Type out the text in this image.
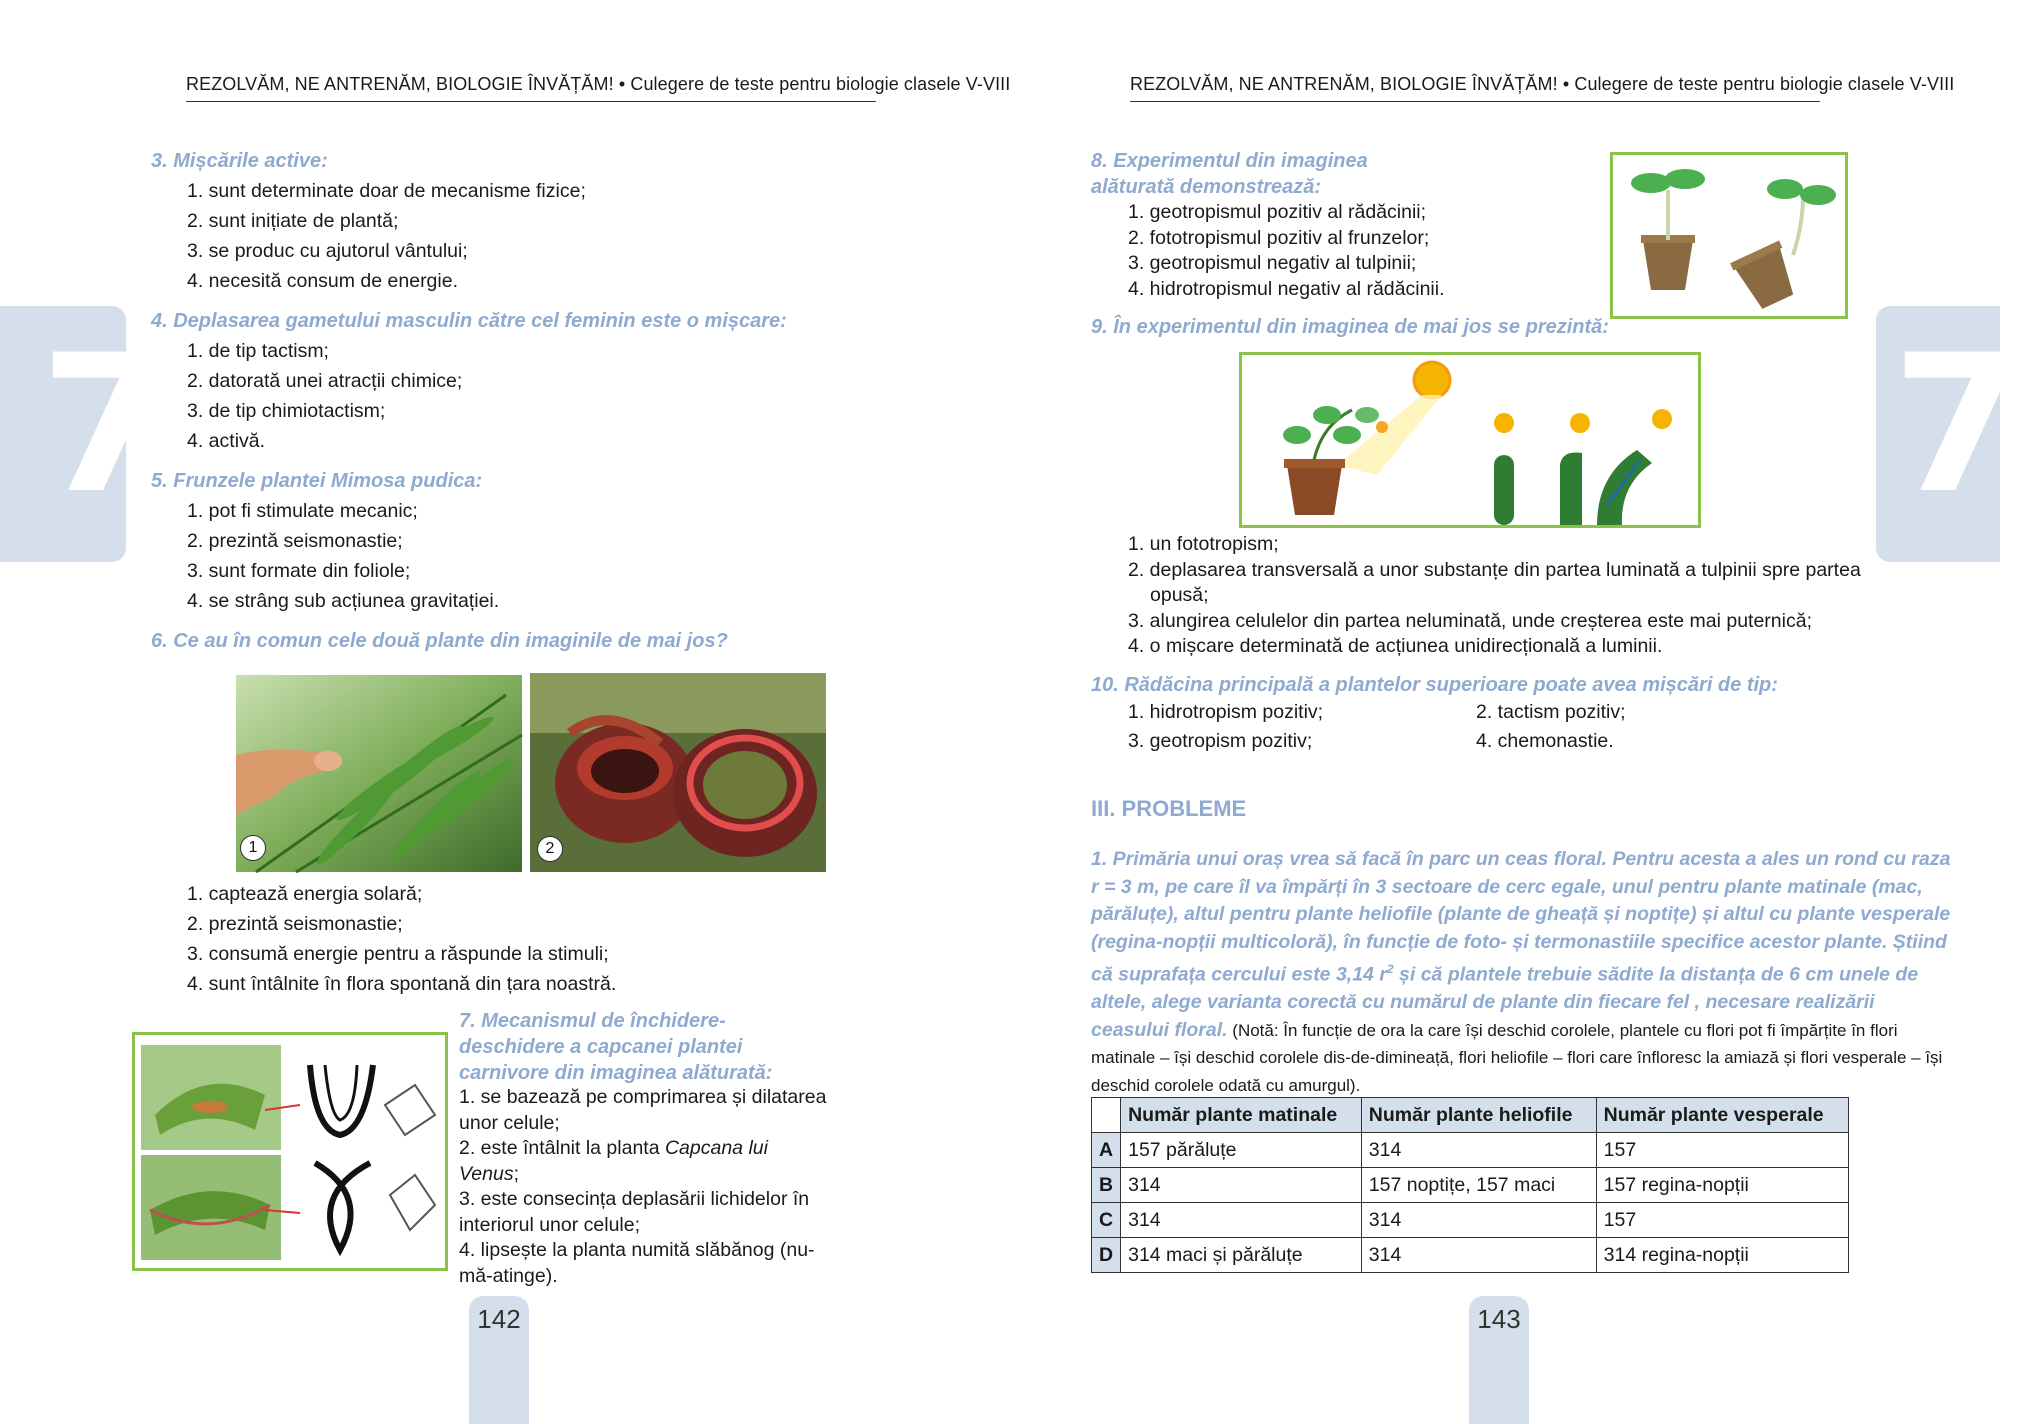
REZOLVĂM, NE ANTRENĂM, BIOLOGIE ÎNVĂȚĂM! • Culegere de teste pentru biologie clasele V-VIII
7
3. Mișcările active:
1. sunt determinate doar de mecanisme fizice;
2. sunt inițiate de plantă;
3. se produc cu ajutorul vântului;
4. necesită consum de energie.
4. Deplasarea gametului masculin către cel feminin este o mișcare:
1. de tip tactism;
2. datorată unei atracții chimice;
3. de tip chimiotactism;
4. activă.
5. Frunzele plantei Mimosa pudica:
1. pot fi stimulate mecanic;
2. prezintă seismonastie;
3. sunt formate din foliole;
4. se strâng sub acțiunea gravitației.
6. Ce au în comun cele două plante din imaginile de mai jos?
1	2
1. captează energia solară;
2. prezintă seismonastie;
3. consumă energie pentru a răspunde la stimuli;
4. sunt întâlnite în flora spontană din țara noastră.
7. Mecanismul de închidere-deschidere a capcanei plantei carnivore din imaginea alăturată:
1. se bazează pe comprimarea și dilatarea unor celule;
2. este întâlnit la planta Capcana lui Venus;
3. este consecința deplasării lichidelor în interiorul unor celule;
4. lipsește la planta numită slăbănog (nu-mă-atinge).
142
REZOLVĂM, NE ANTRENĂM, BIOLOGIE ÎNVĂȚĂM! • Culegere de teste pentru biologie clasele V-VIII
7
8. Experimentul din imaginea alăturată demonstrează:
1. geotropismul pozitiv al rădăcinii;
2. fototropismul pozitiv al frunzelor;
3. geotropismul negativ al tulpinii;
4. hidrotropismul negativ al rădăcinii.
9. În experimentul din imaginea de mai jos se prezintă:
1. un fototropism;
2. deplasarea transversală a unor substanțe din partea luminată a tulpinii spre partea
opusă;
3. alungirea celulelor din partea neluminată, unde creșterea este mai puternică;
4. o mișcare determinată de acțiunea unidirecțională a luminii.
10. Rădăcina principală a plantelor superioare poate avea mișcări de tip:
1. hidrotropism pozitiv;	2. tactism pozitiv;
3. geotropism pozitiv;	4. chemonastie.
III. PROBLEME
1. Primăria unui oraș vrea să facă în parc un ceas floral. Pentru acesta a ales un rond cu raza r = 3 m, pe care îl va împărți în 3 sectoare de cerc egale, unul pentru plante matinale (mac, părăluțe), altul pentru plante heliofile (plante de gheață și noptițe) și altul cu plante vesperale (regina-nopții multicoloră), în funcție de foto- și termonastiile specifice acestor plante. Știind că suprafața cercului este 3,14 $r^2$ și că plantele trebuie sădite la distanța de 6 cm unele de altele, alege varianta corectă cu numărul de plante din fiecare fel , necesare realizării ceasului floral. (Notă: În funcție de ora la care își deschid corolele, plantele cu flori pot fi împărțite în flori matinale – își deschid corolele dis-de-dimineață, flori heliofile – flori care înfloresc la amiază și flori vesperale – își deschid corolele odată cu amurgul).
	Număr plante matinale	Număr plante heliofile	Număr plante vesperale
A	157 părăluțe	314	157
B	314	157 noptițe, 157 maci	157 regina-nopții
C	314	314	157
D	314 maci și părăluțe	314	314 regina-nopții
143
